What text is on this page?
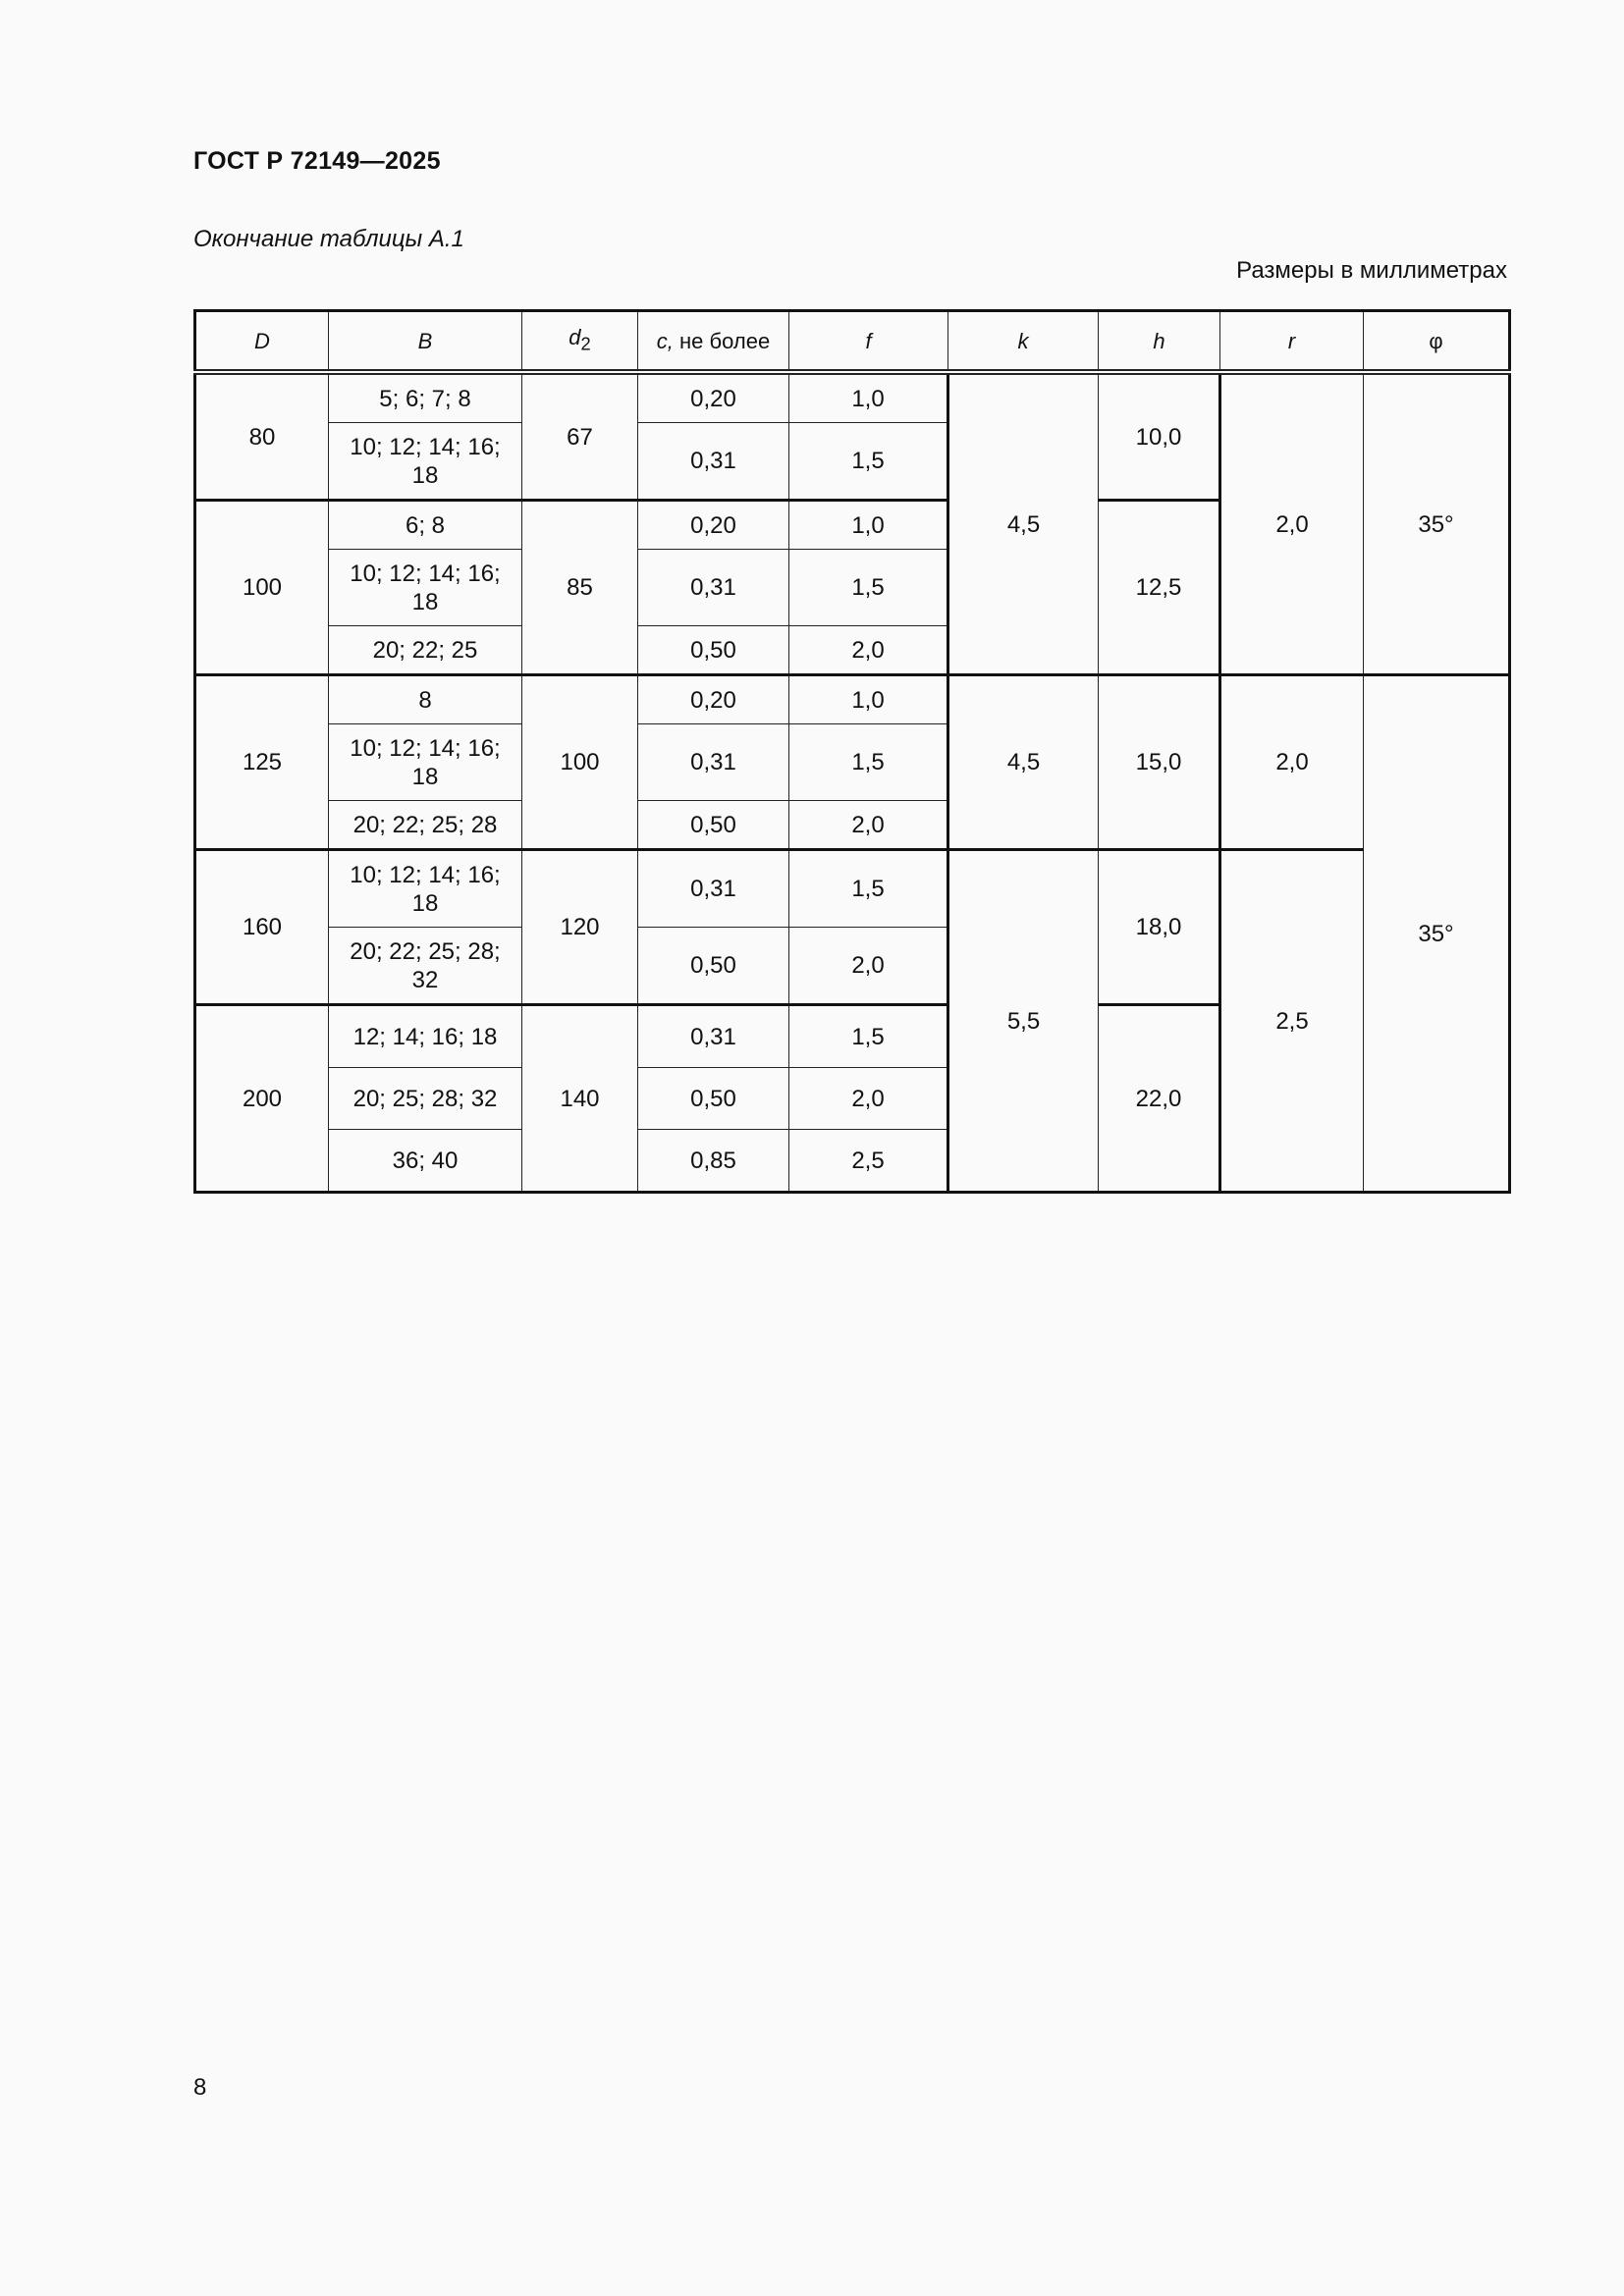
ГОСТ Р 72149—2025
Окончание таблицы А.1
Размеры в миллиметрах
D	B	$d_2$	c, не более	f	k	h	r	φ
80	5; 6; 7; 8	67	0,20	1,0	4,5	10,0	2,0	35°
	10; 12; 14; 16; 18		0,31	1,5				
100	6; 8	85	0,20	1,0		12,5		
	10; 12; 14; 16; 18		0,31	1,5				
	20; 22; 25		0,50	2,0				
125	8	100	0,20	1,0	4,5	15,0	2,0	35°
	10; 12; 14; 16; 18		0,31	1,5				
	20; 22; 25; 28		0,50	2,0				
160	10; 12; 14; 16; 18	120	0,31	1,5	5,5	18,0	2,5	
	20; 22; 25; 28; 32		0,50	2,0				
200	12; 14; 16; 18	140	0,31	1,5		22,0		
	20; 25; 28; 32		0,50	2,0				
	36; 40		0,85	2,5				
8
